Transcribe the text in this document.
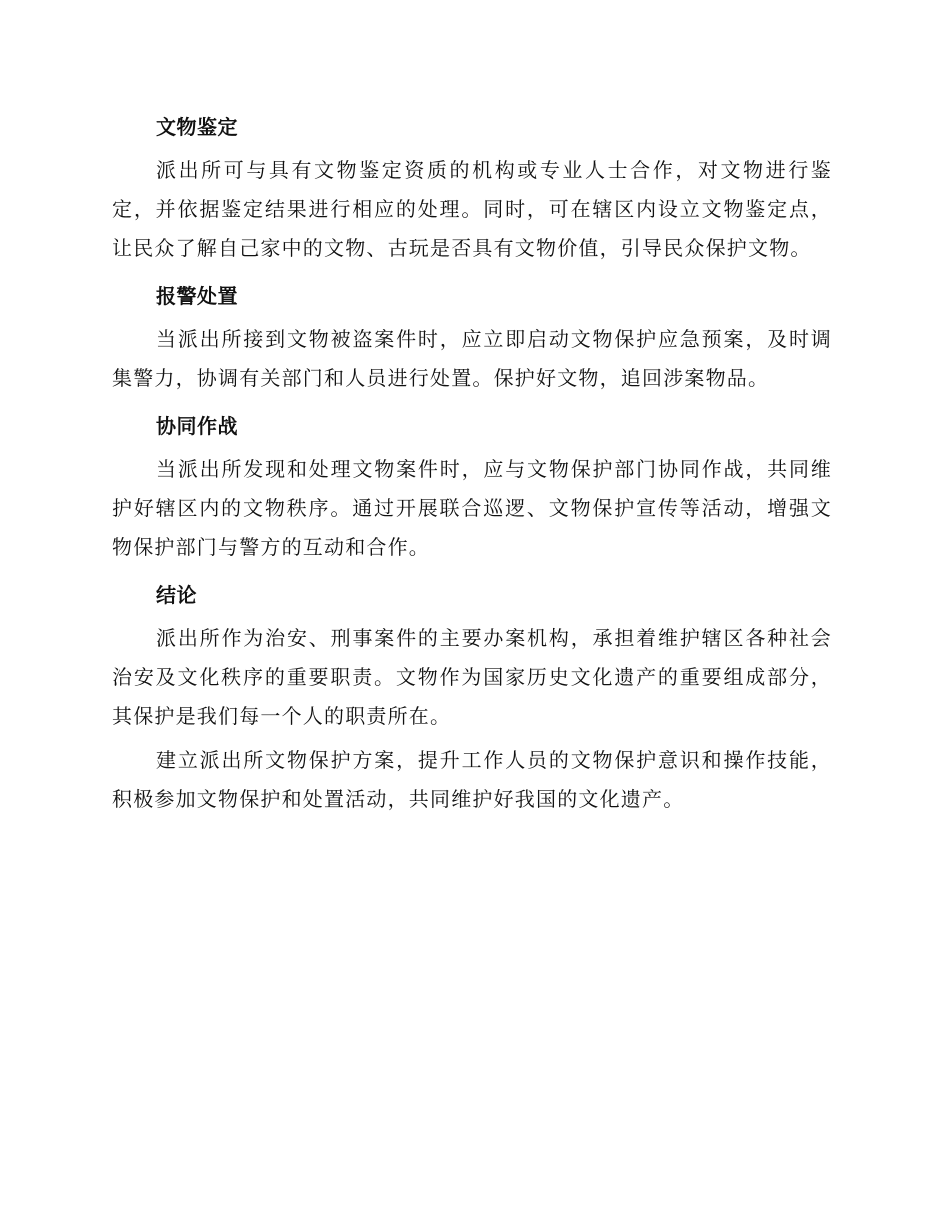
文物鉴定

派出所可与具有文物鉴定资质的机构或专业人士合作，对文物进行鉴定，并依据鉴定结果进行相应的处理。同时，可在辖区内设立文物鉴定点，让民众了解自己家中的文物、古玩是否具有文物价值，引导民众保护文物。

报警处置

当派出所接到文物被盗案件时，应立即启动文物保护应急预案，及时调集警力，协调有关部门和人员进行处置。保护好文物，追回涉案物品。

协同作战

当派出所发现和处理文物案件时，应与文物保护部门协同作战，共同维护好辖区内的文物秩序。通过开展联合巡逻、文物保护宣传等活动，增强文物保护部门与警方的互动和合作。

结论

派出所作为治安、刑事案件的主要办案机构，承担着维护辖区各种社会治安及文化秩序的重要职责。文物作为国家历史文化遗产的重要组成部分，其保护是我们每一个人的职责所在。

建立派出所文物保护方案，提升工作人员的文物保护意识和操作技能，积极参加文物保护和处置活动，共同维护好我国的文化遗产。
